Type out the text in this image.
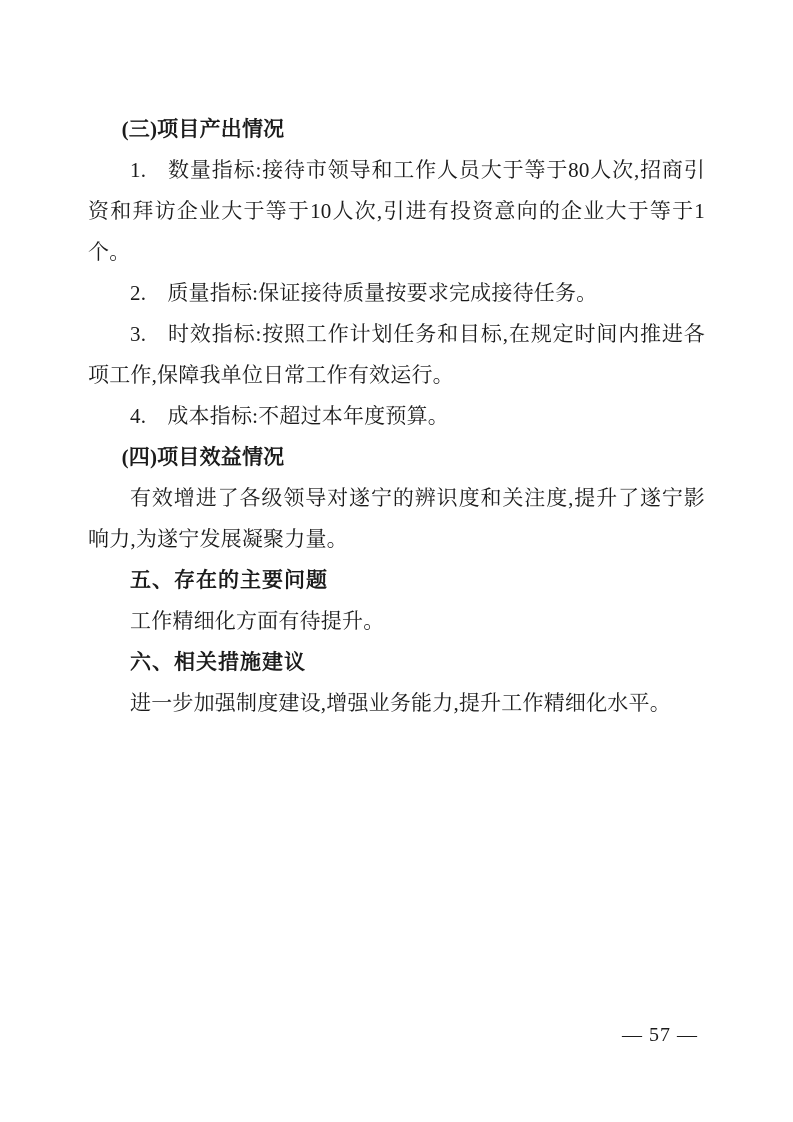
(三)项目产出情况

1. 数量指标:接待市领导和工作人员大于等于80人次,招商引资和拜访企业大于等于10人次,引进有投资意向的企业大于等于1个。

2. 质量指标:保证接待质量按要求完成接待任务。

3. 时效指标:按照工作计划任务和目标,在规定时间内推进各项工作,保障我单位日常工作有效运行。

4. 成本指标:不超过本年度预算。

(四)项目效益情况

有效增进了各级领导对遂宁的辨识度和关注度,提升了遂宁影响力,为遂宁发展凝聚力量。

五、存在的主要问题

工作精细化方面有待提升。

六、相关措施建议

进一步加强制度建设,增强业务能力,提升工作精细化水平。

— 57 —
